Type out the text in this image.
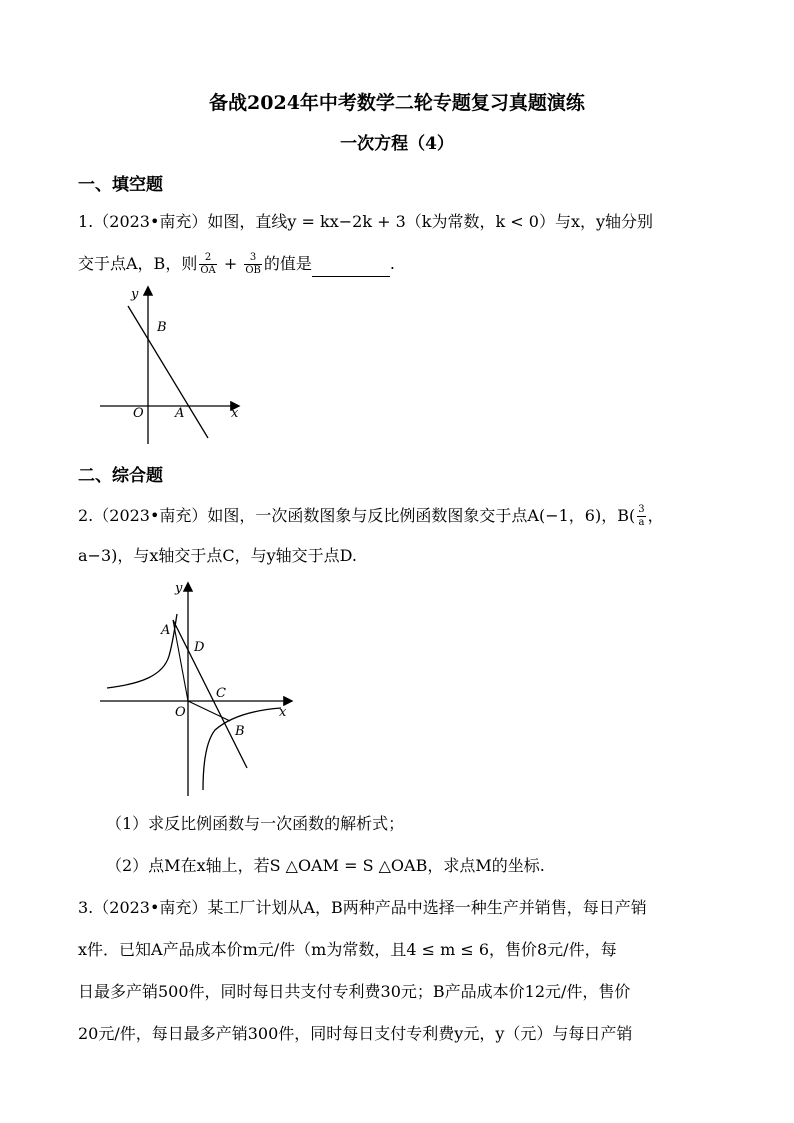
备战2024年中考数学二轮专题复习真题演练
一次方程（4）
一、填空题
1.（2023•南充）如图，直线y = kx−2k + 3（k为常数，k < 0）与x，y轴分别
交于点A，B，则 $\frac{2}{OA} + \frac{3}{OB}$ 的值是	.
y
B
O A	x
二、综合题
2.（2023•南充）如图，一次函数图象与反比例函数图象交于点A(−1，6)，$B( \frac{3}{a}$ ，
a−3)，与x轴交于点C，与y轴交于点D.
y
A
D
C
O	x
B
（1）求反比例函数与一次函数的解析式；
（2）点M在x轴上，若S △OAM = S △OAB，求点M的坐标.
3.（2023•南充）某工厂计划从A，B两种产品中选择一种生产并销售，每日产销
x件．已知A产品成本价m元/件（m为常数，且4 ≤ m ≤ 6，售价8元/件，每
日最多产销500件，同时每日共支付专利费30元；B产品成本价12元/件，售价
20元/件，每日最多产销300件，同时每日支付专利费y元，y（元）与每日产销
